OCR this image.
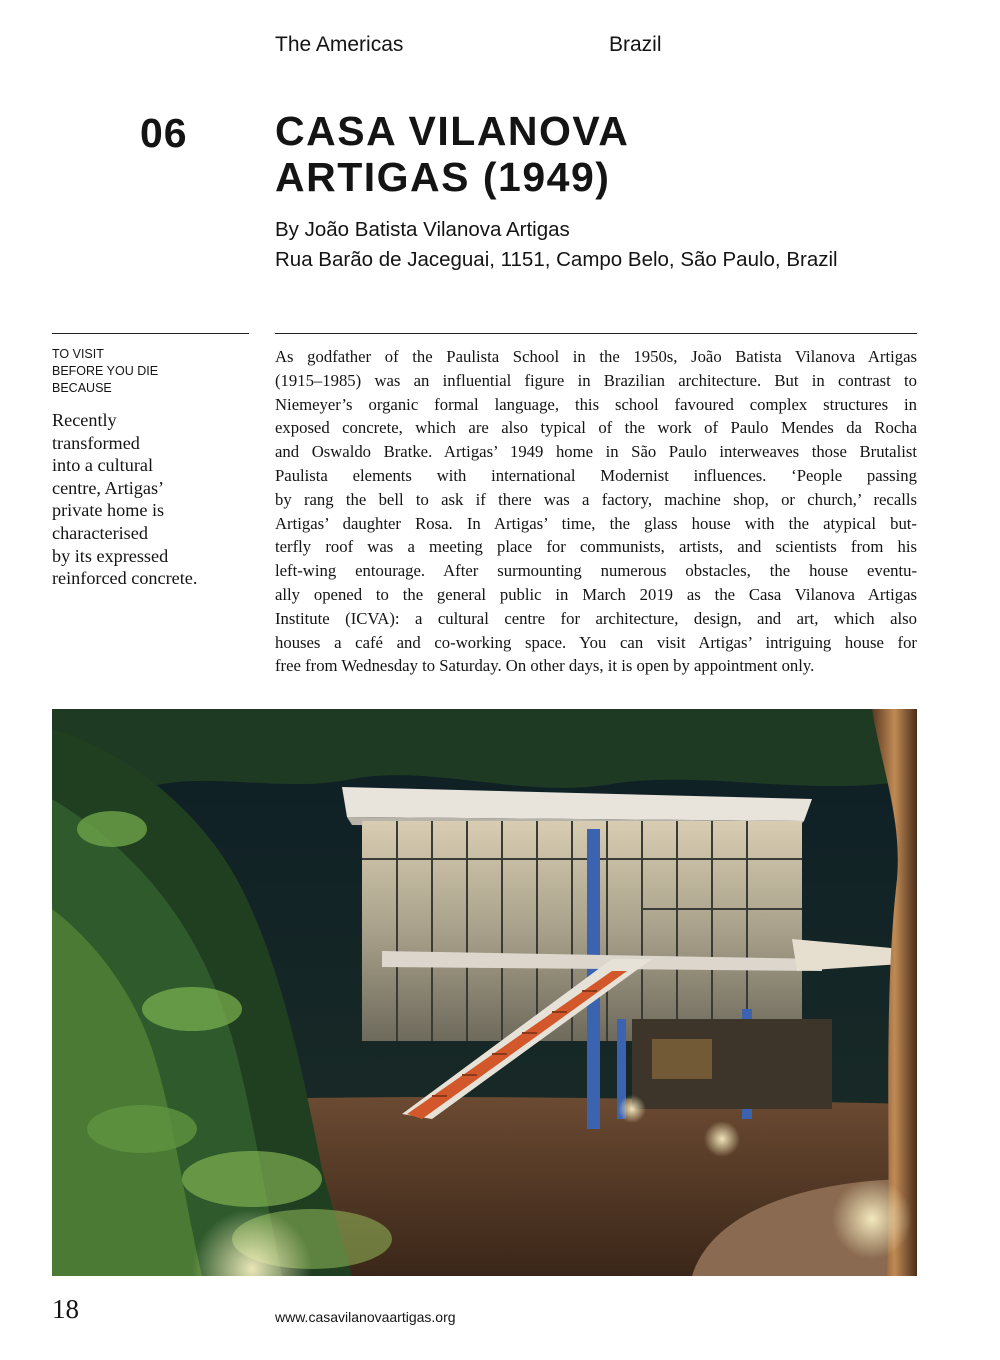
The Americas	Brazil
06 CASA VILANOVA
ARTIGAS (1949)
By João Batista Vilanova Artigas
Rua Barão de Jaceguai, 1151, Campo Belo, São Paulo, Brazil
TO VISIT
BEFORE YOU DIE
BECAUSE
Recently
transformed
into a cultural
centre, Artigas’
private home is
characterised
by its expressed
reinforced concrete.
As godfather of the Paulista School in the 1950s, João Batista Vilanova Artigas
(1915–1985) was an influential figure in Brazilian architecture. But in contrast to
Niemeyer’s organic formal language, this school favoured complex structures in
exposed concrete, which are also typical of the work of Paulo Mendes da Rocha
and Oswaldo Bratke. Artigas’ 1949 home in São Paulo interweaves those Brutalist
Paulista elements with international Modernist influences. ‘People passing
by rang the bell to ask if there was a factory, machine shop, or church,’ recalls
Artigas’ daughter Rosa. In Artigas’ time, the glass house with the atypical but-
terfly roof was a meeting place for communists, artists, and scientists from his
left-wing entourage. After surmounting numerous obstacles, the house eventu-
ally opened to the general public in March 2019 as the Casa Vilanova Artigas
Institute (ICVA): a cultural centre for architecture, design, and art, which also
houses a café and co-working space. You can visit Artigas’ intriguing house for
free from Wednesday to Saturday. On other days, it is open by appointment only.
18	www.casavilanovaartigas.org
